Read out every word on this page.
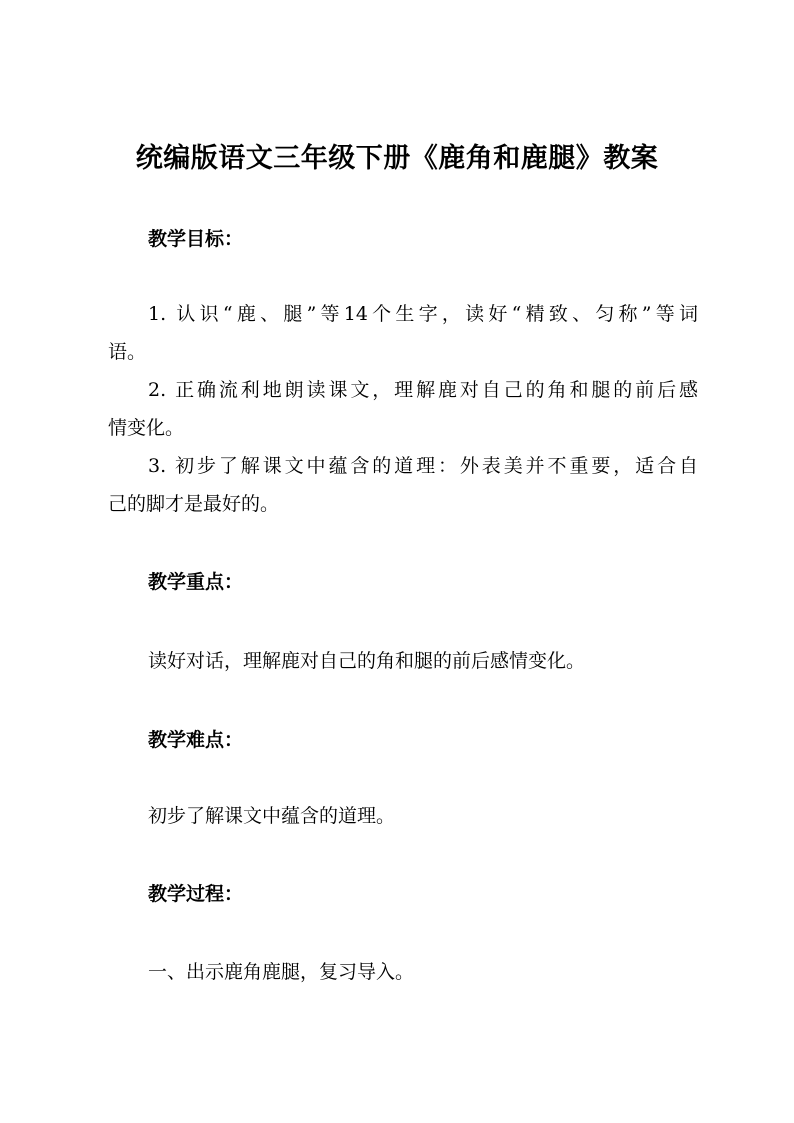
统编版语文三年级下册《鹿角和鹿腿》教案
教学目标：
1. 认识“鹿、腿”等14个生字，读好“精致、匀称”等词
语。
2. 正确流利地朗读课文，理解鹿对自己的角和腿的前后感
情变化。
3. 初步了解课文中蕴含的道理：外表美并不重要，适合自
己的脚才是最好的。
教学重点：
读好对话，理解鹿对自己的角和腿的前后感情变化。
教学难点：
初步了解课文中蕴含的道理。
教学过程：
一、出示鹿角鹿腿，复习导入。
